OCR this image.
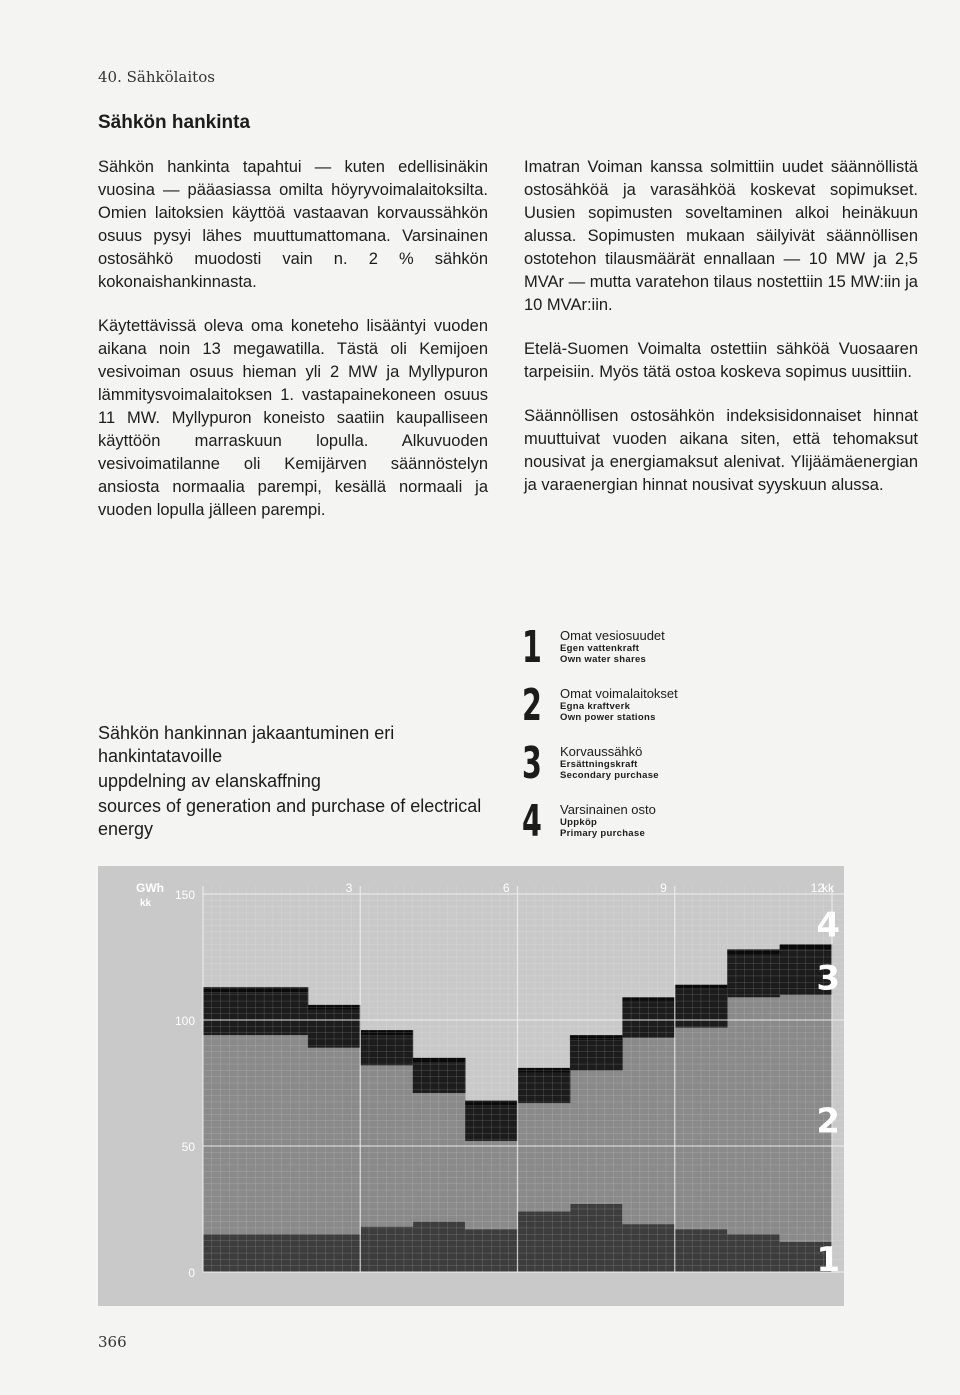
40. Sähkölaitos
Sähkön hankinta

Sähkön hankinta tapahtui — kuten edellisinäkin vuosina — pääasiassa omilta höyryvoimalaitoksilta. Omien laitoksien käyttöä vastaavan korvaussähkön osuus pysyi lähes muuttumattomana. Varsinainen ostosähkö muodosti vain n. 2 % sähkön kokonaishankinnasta.

Käytettävissä oleva oma koneteho lisääntyi vuoden aikana noin 13 megawatilla. Tästä oli Kemijoen vesivoiman osuus hieman yli 2 MW ja Myllypuron lämmitysvoimalaitoksen 1. vastapainekoneen osuus 11 MW. Myllypuron koneisto saatiin kaupalliseen käyttöön marraskuun lopulla. Alkuvuoden vesivoimatilanne oli Kemijärven säännöstelyn ansiosta normaalia parempi, kesällä normaali ja vuoden lopulla jälleen parempi.

Imatran Voiman kanssa solmittiin uudet säännöllistä ostosähköä ja varasähköä koskevat sopimukset. Uusien sopimusten soveltaminen alkoi heinäkuun alussa. Sopimusten mukaan säilyivät säännöllisen ostotehon tilausmäärät ennallaan — 10 MW ja 2,5 MVAr — mutta varatehon tilaus nostettiin 15 MW:iin ja 10 MVAr:iin.

Etelä-Suomen Voimalta ostettiin sähköä Vuosaaren tarpeisiin. Myös tätä ostoa koskeva sopimus uusittiin.

Säännöllisen ostosähkön indeksisidonnaiset hinnat muuttuivat vuoden aikana siten, että tehomaksut nousivat ja energiamaksut alenivat. Ylijäämäenergian ja varaenergian hinnat nousivat syyskuun alussa.

Sähkön hankinnan jakaantuminen eri hankintatavoille
uppdelning av elanskaffning
sources of generation and purchase of electrical energy
1 Omat vesiosuudet
Egen vattenkraft
Own water shares
2 Omat voimalaitokset
Egna kraftverk
Own power stations
3 Korvaussähkö
Ersättningskraft
Secondary purchase
4 Varsinainen osto
Uppköp
Primary purchase
150
100
50
0
3	6	9	12
GWh
kk
kk
4
3
2
1
366
